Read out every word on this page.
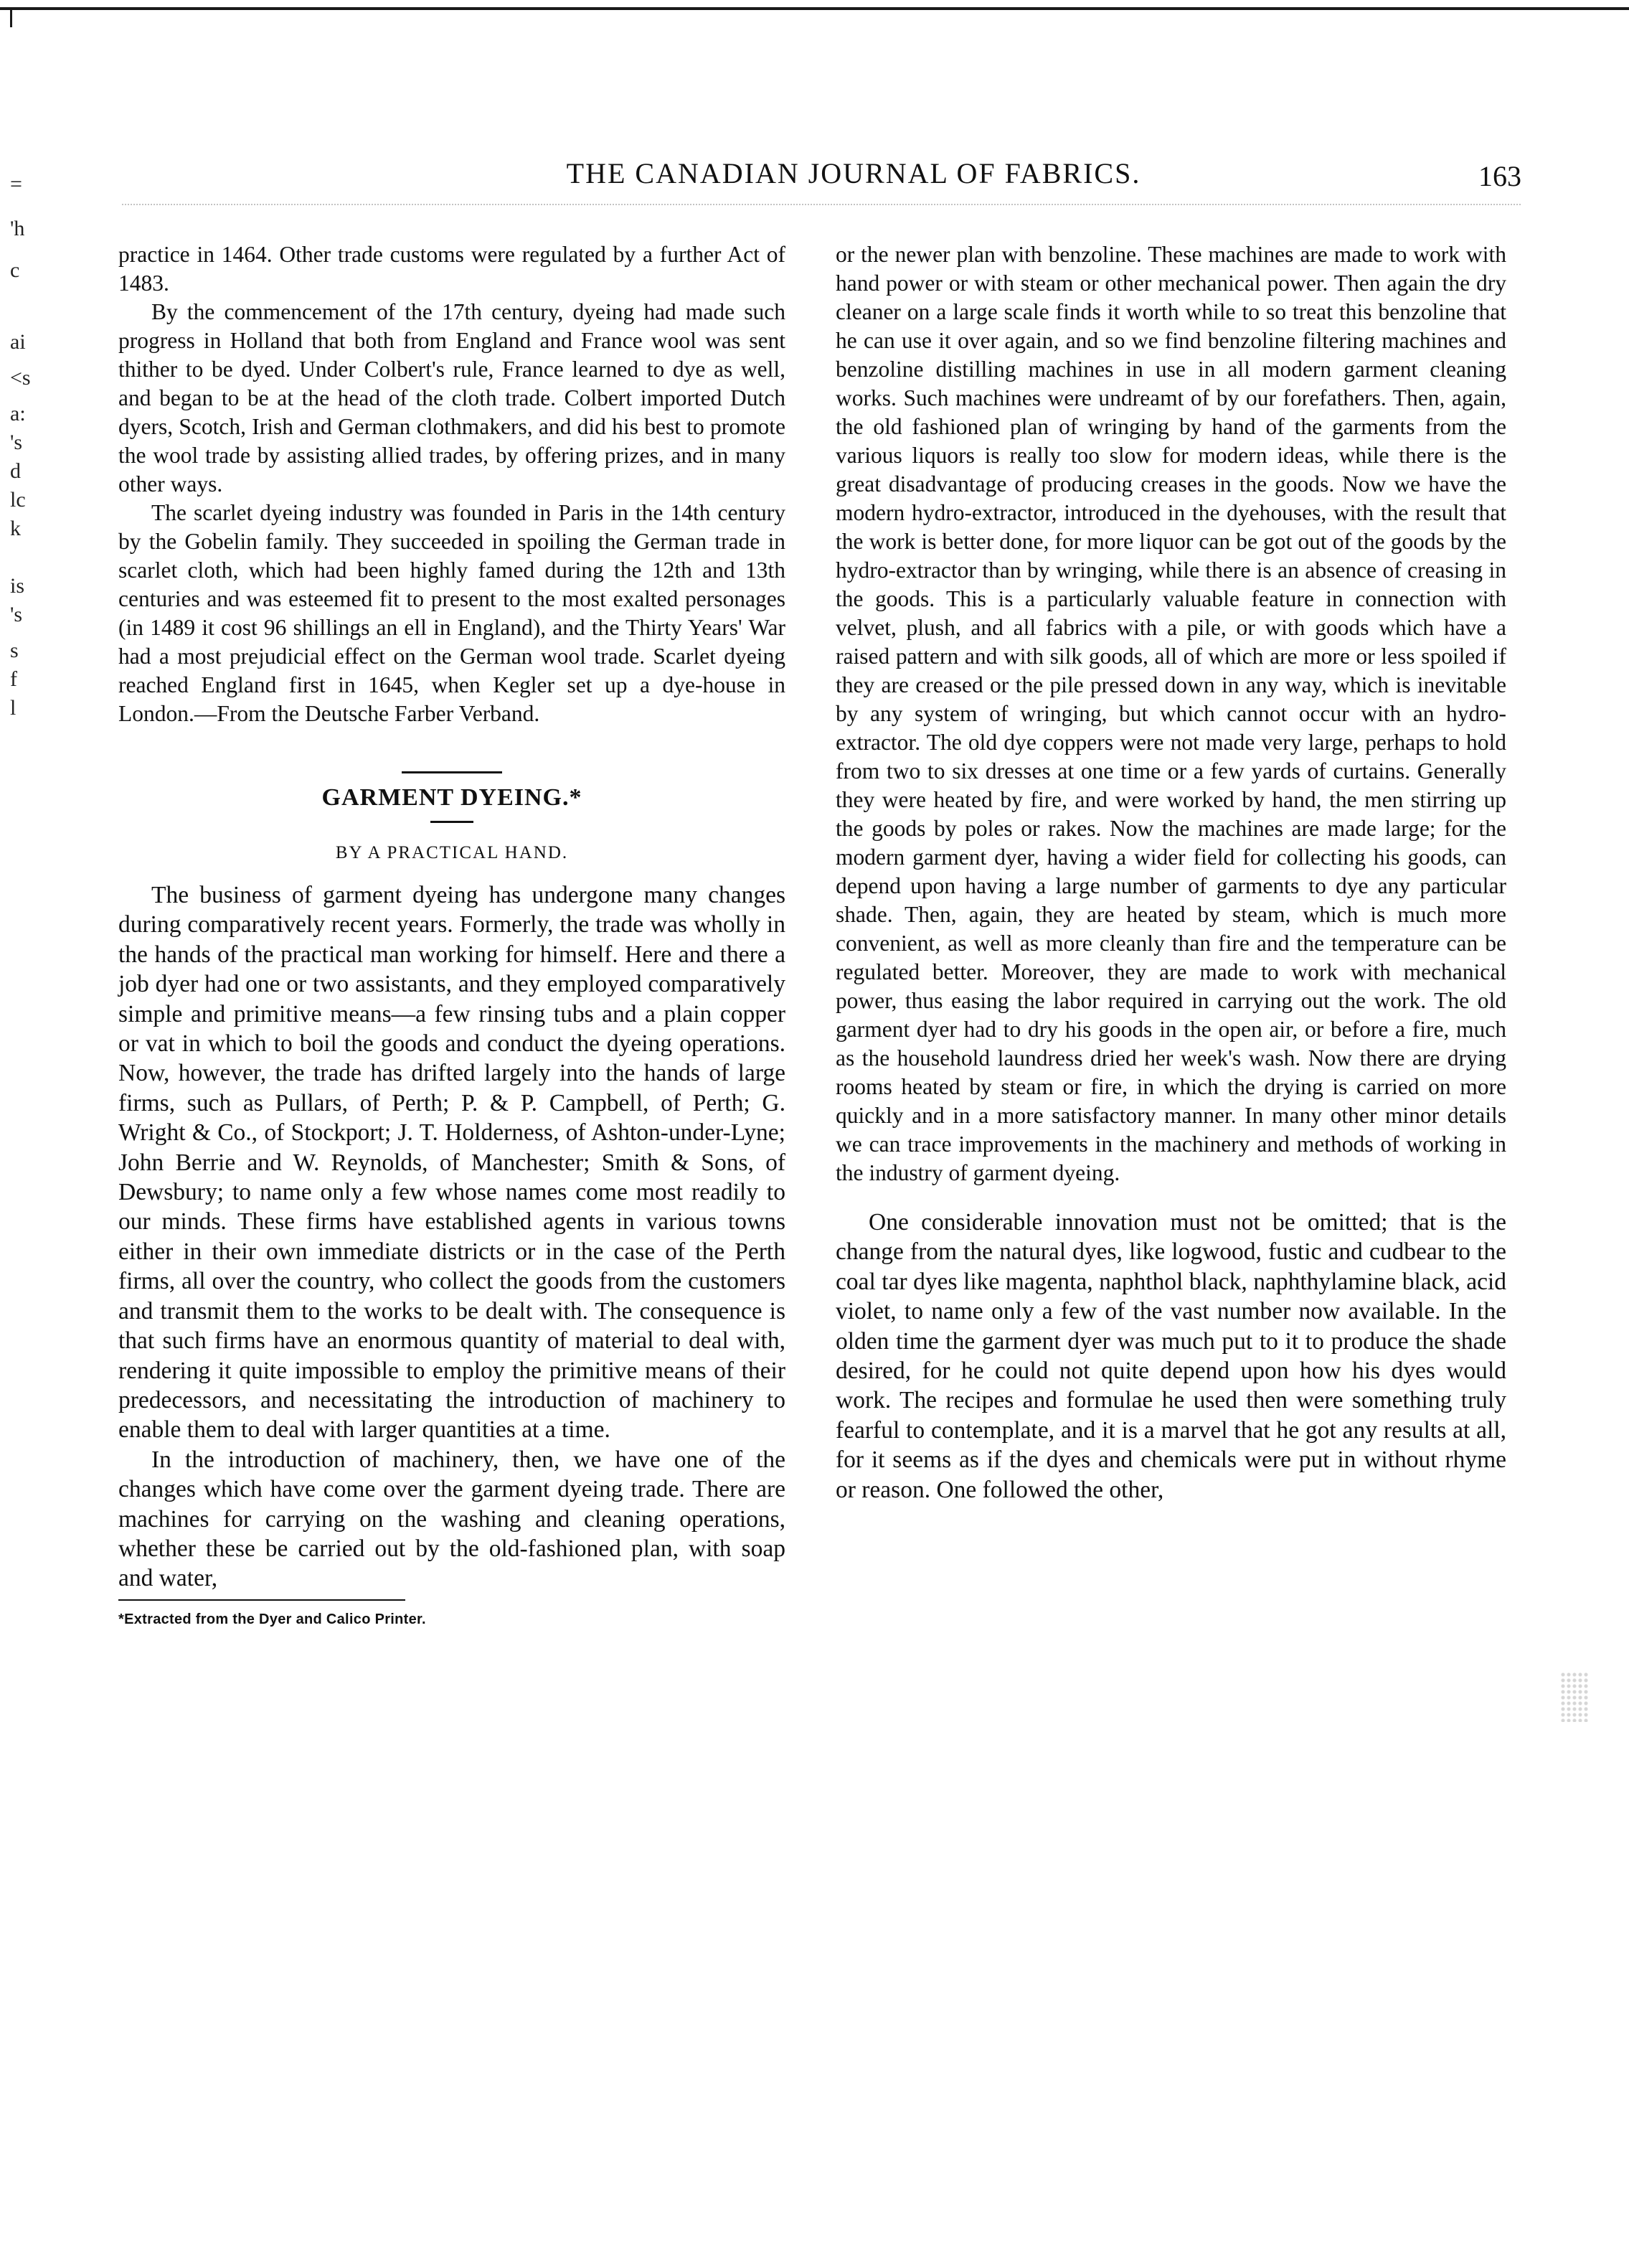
=
'h
c
ai
<s
a:
's
d
lc
k
is
's
s
f
l
THE CANADIAN JOURNAL OF FABRICS.	163

practice in 1464. Other trade customs were regulated by a further Act of 1483.

By the commencement of the 17th century, dyeing had made such progress in Holland that both from England and France wool was sent thither to be dyed. Under Colbert's rule, France learned to dye as well, and began to be at the head of the cloth trade. Colbert imported Dutch dyers, Scotch, Irish and German clothmakers, and did his best to promote the wool trade by assisting allied trades, by offering prizes, and in many other ways.

The scarlet dyeing industry was founded in Paris in the 14th century by the Gobelin family. They succeeded in spoiling the German trade in scarlet cloth, which had been highly famed during the 12th and 13th centuries and was esteemed fit to present to the most exalted personages (in 1489 it cost 96 shillings an ell in England), and the Thirty Years' War had a most prejudicial effect on the German wool trade. Scarlet dyeing reached England first in 1645, when Kegler set up a dye-house in London.—From the Deutsche Farber Verband.

GARMENT DYEING.*
BY A PRACTICAL HAND.

The business of garment dyeing has undergone many changes during comparatively recent years. Formerly, the trade was wholly in the hands of the practical man working for himself. Here and there a job dyer had one or two assistants, and they employed comparatively simple and primitive means—a few rinsing tubs and a plain copper or vat in which to boil the goods and conduct the dyeing operations. Now, however, the trade has drifted largely into the hands of large firms, such as Pullars, of Perth; P. & P. Campbell, of Perth; G. Wright & Co., of Stockport; J. T. Holderness, of Ashton-under-Lyne; John Berrie and W. Reynolds, of Manchester; Smith & Sons, of Dewsbury; to name only a few whose names come most readily to our minds. These firms have established agents in various towns either in their own immediate districts or in the case of the Perth firms, all over the country, who collect the goods from the customers and transmit them to the works to be dealt with. The consequence is that such firms have an enormous quantity of material to deal with, rendering it quite impossible to employ the primitive means of their predecessors, and necessitating the introduction of machinery to enable them to deal with larger quantities at a time.

In the introduction of machinery, then, we have one of the changes which have come over the garment dyeing trade. There are machines for carrying on the washing and cleaning operations, whether these be carried out by the old-fashioned plan, with soap and water,

*Extracted from the Dyer and Calico Printer.

or the newer plan with benzoline. These machines are made to work with hand power or with steam or other mechanical power. Then again the dry cleaner on a large scale finds it worth while to so treat this benzoline that he can use it over again, and so we find benzoline filtering machines and benzoline distilling machines in use in all modern garment cleaning works. Such machines were undreamt of by our forefathers. Then, again, the old fashioned plan of wringing by hand of the garments from the various liquors is really too slow for modern ideas, while there is the great disadvantage of producing creases in the goods. Now we have the modern hydro-extractor, introduced in the dyehouses, with the result that the work is better done, for more liquor can be got out of the goods by the hydro-extractor than by wringing, while there is an absence of creasing in the goods. This is a particularly valuable feature in connection with velvet, plush, and all fabrics with a pile, or with goods which have a raised pattern and with silk goods, all of which are more or less spoiled if they are creased or the pile pressed down in any way, which is inevitable by any system of wringing, but which cannot occur with an hydro-extractor. The old dye coppers were not made very large, perhaps to hold from two to six dresses at one time or a few yards of curtains. Generally they were heated by fire, and were worked by hand, the men stirring up the goods by poles or rakes. Now the machines are made large; for the modern garment dyer, having a wider field for collecting his goods, can depend upon having a large number of garments to dye any particular shade. Then, again, they are heated by steam, which is much more convenient, as well as more cleanly than fire and the temperature can be regulated better. Moreover, they are made to work with mechanical power, thus easing the labor required in carrying out the work. The old garment dyer had to dry his goods in the open air, or before a fire, much as the household laundress dried her week's wash. Now there are drying rooms heated by steam or fire, in which the drying is carried on more quickly and in a more satisfactory manner. In many other minor details we can trace improvements in the machinery and methods of working in the industry of garment dyeing.

One considerable innovation must not be omitted; that is the change from the natural dyes, like logwood, fustic and cudbear to the coal tar dyes like magenta, naphthol black, naphthylamine black, acid violet, to name only a few of the vast number now available. In the olden time the garment dyer was much put to it to produce the shade desired, for he could not quite depend upon how his dyes would work. The recipes and formulae he used then were something truly fearful to contemplate, and it is a marvel that he got any results at all, for it seems as if the dyes and chemicals were put in without rhyme or reason. One followed the other,
